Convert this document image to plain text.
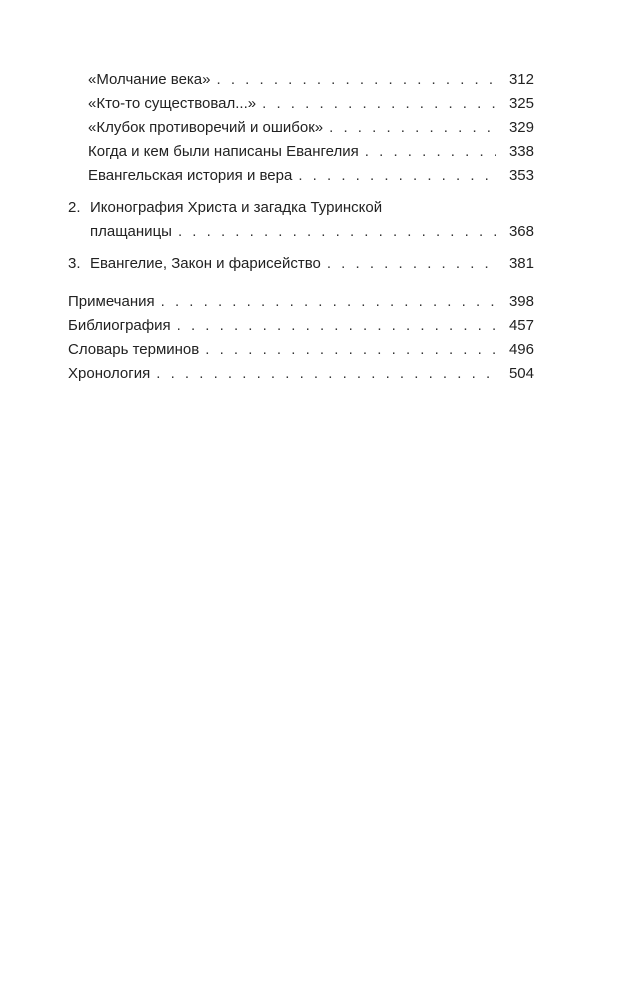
«Молчание века» . . .	312
«Кто-то существовал...» . . .	325
«Клубок противоречий и ошибок» . . .	329
Когда и кем были написаны Евангелия . . .	338
Евангельская история и вера . . .	353
2. Иконография Христа и загадка Туринской
плащаницы . . .	368
3. Евангелие, Закон и фарисейство . . .	381
Примечания . . .	398
Библиография . . .	457
Словарь терминов . . .	496
Хронология . . .	504
